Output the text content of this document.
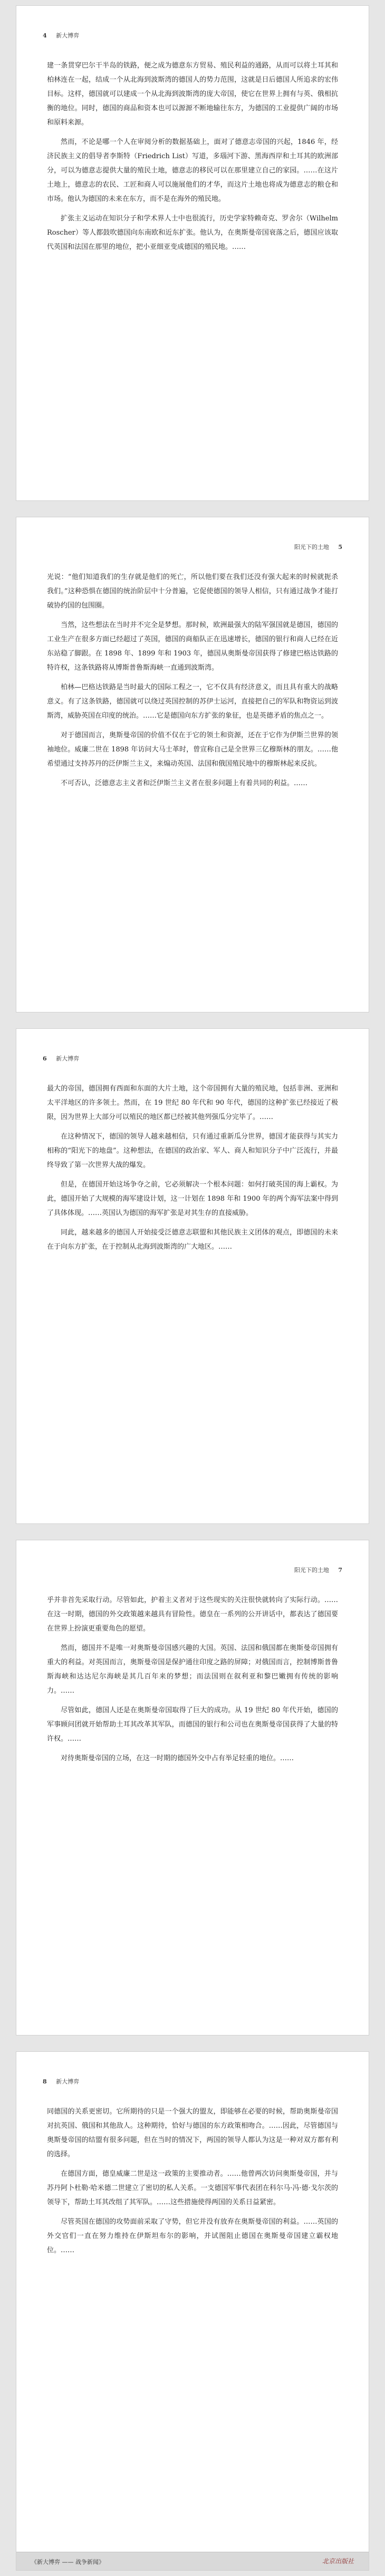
4 新大博弈

建一条贯穿巴尔干半岛的铁路，便之成为德意东方贸易、殖民利益的通路，从而可以将土耳其和柏林连在一起，结成一个从北海到波斯湾的德国人的势力范围，这就是日后德国人所追求的宏伟目标。这样，德国就可以建成一个从北海到波斯湾的庞大帝国，使它在世界上拥有与英、俄相抗衡的地位。同时，德国的商品和资本也可以源源不断地输往东方，为德国的工业提供广阔的市场和原料来源。

然而，不论是哪一个人在审阅分析的数据基础上，面对了德意志帝国的兴起，1846 年，经济民族主义的倡导者李斯特（Friedrich List）写道，多瑙河下游、黑海西岸和土耳其的欧洲部分，可以为德意志提供大量的殖民土地，德意志的移民可以在那里建立自己的家园。……在这片土地上，德意志的农民、工匠和商人可以施展他们的才华，而这片土地也将成为德意志的粮仓和市场。他认为德国的未来在东方，而不是在海外的殖民地。

扩张主义运动在知识分子和学术界人士中也很流行，历史学家特赖奇克、罗舍尔（Wilhelm Roscher）等人都鼓吹德国向东南欧和近东扩张。他认为，在奥斯曼帝国衰落之后，德国应该取代英国和法国在那里的地位，把小亚细亚变成德国的殖民地。……

阳光下的土地 5

光说：“他们知道我们的生存就是他们的死亡，所以他们要在我们还没有强大起来的时候就扼杀我们。”这种恐惧在德国的统治阶层中十分普遍，它促使德国的领导人相信，只有通过战争才能打破协约国的包围圈。

当然，这些想法在当时并不完全是梦想。那时候，欧洲最强大的陆军强国就是德国，德国的工业生产在很多方面已经超过了英国，德国的商船队正在迅速增长，德国的银行和商人已经在近东站稳了脚跟。在 1898 年、1899 年和 1903 年，德国从奥斯曼帝国获得了修建巴格达铁路的特许权，这条铁路将从博斯普鲁斯海峡一直通到波斯湾。

柏林—巴格达铁路是当时最大的国际工程之一，它不仅具有经济意义，而且具有重大的战略意义。有了这条铁路，德国就可以绕过英国控制的苏伊士运河，直接把自己的军队和物资运到波斯湾，威胁英国在印度的统治。……它是德国向东方扩张的象征，也是英德矛盾的焦点之一。

对于德国而言，奥斯曼帝国的价值不仅在于它的领土和资源，还在于它作为伊斯兰世界的领袖地位。威廉二世在 1898 年访问大马士革时，曾宣称自己是全世界三亿穆斯林的朋友。……他希望通过支持苏丹的泛伊斯兰主义，来煽动英国、法国和俄国殖民地中的穆斯林起来反抗。

不可否认，泛德意志主义者和泛伊斯兰主义者在很多问题上有着共同的利益。……

6 新大博弈

最大的帝国，德国拥有西面和东面的大片土地，这个帝国拥有大量的殖民地，包括非洲、亚洲和太平洋地区的许多领土。然而，在 19 世纪 80 年代和 90 年代，德国的这种扩张已经接近了极限，因为世界上大部分可以殖民的地区都已经被其他列强瓜分完毕了。……

在这种情况下，德国的领导人越来越相信，只有通过重新瓜分世界，德国才能获得与其实力相称的“阳光下的地盘”。这种想法，在德国的政治家、军人、商人和知识分子中广泛流行，并最终导致了第一次世界大战的爆发。

但是，在德国开始这场争夺之前，它必须解决一个根本问题：如何打破英国的海上霸权。为此，德国开始了大规模的海军建设计划，这一计划在 1898 年和 1900 年的两个海军法案中得到了具体体现。……英国认为德国的海军扩张是对其生存的直接威胁。

同此，越来越多的德国人开始接受泛德意志联盟和其他民族主义团体的观点，即德国的未来在于向东方扩张，在于控制从北海到波斯湾的广大地区。……

阳光下的土地 7

乎并非首先采取行动。尽管如此，护着主义者对于这些现实的关注很快就转向了实际行动。……在这一时期，德国的外交政策越来越具有冒险性。德皇在一系列的公开讲话中，都表达了德国要在世界上扮演更重要角色的愿望。

然而，德国并不是唯一对奥斯曼帝国感兴趣的大国。英国、法国和俄国都在奥斯曼帝国拥有重大的利益。对英国而言，奥斯曼帝国是保护通往印度之路的屏障；对俄国而言，控制博斯普鲁斯海峡和达达尼尔海峡是其几百年来的梦想；而法国则在叙利亚和黎巴嫩拥有传统的影响力。……

尽管如此，德国人还是在奥斯曼帝国取得了巨大的成功。从 19 世纪 80 年代开始，德国的军事顾问团就开始帮助土耳其改革其军队，而德国的银行和公司也在奥斯曼帝国获得了大量的特许权。……

对待奥斯曼帝国的立场，在这一时期的德国外交中占有举足轻重的地位。……

8 新大博弈

同德国的关系更密切。它所期待的只是一个强大的盟友，即能够在必要的时候，帮助奥斯曼帝国对抗英国、俄国和其他敌人。这种期待，恰好与德国的东方政策相吻合。……因此，尽管德国与奥斯曼帝国的结盟有很多问题，但在当时的情况下，两国的领导人都认为这是一种对双方都有利的选择。

在德国方面，德皇威廉二世是这一政策的主要推动者。……他曾两次访问奥斯曼帝国，并与苏丹阿卜杜勒·哈米德二世建立了密切的私人关系。一支德国军事代表团在科尔马·冯·德·戈尔茨的领导下，帮助土耳其改组了其军队。……这些措施使得两国的关系日益紧密。

尽管英国在德国的攻势面前采取了守势，但它并没有放弃在奥斯曼帝国的利益。……英国的外交官们一直在努力维持在伊斯坦布尔的影响，并试图阻止德国在奥斯曼帝国建立霸权地位。……

《新大博弈 —— 战争新闻》	北京出版社
